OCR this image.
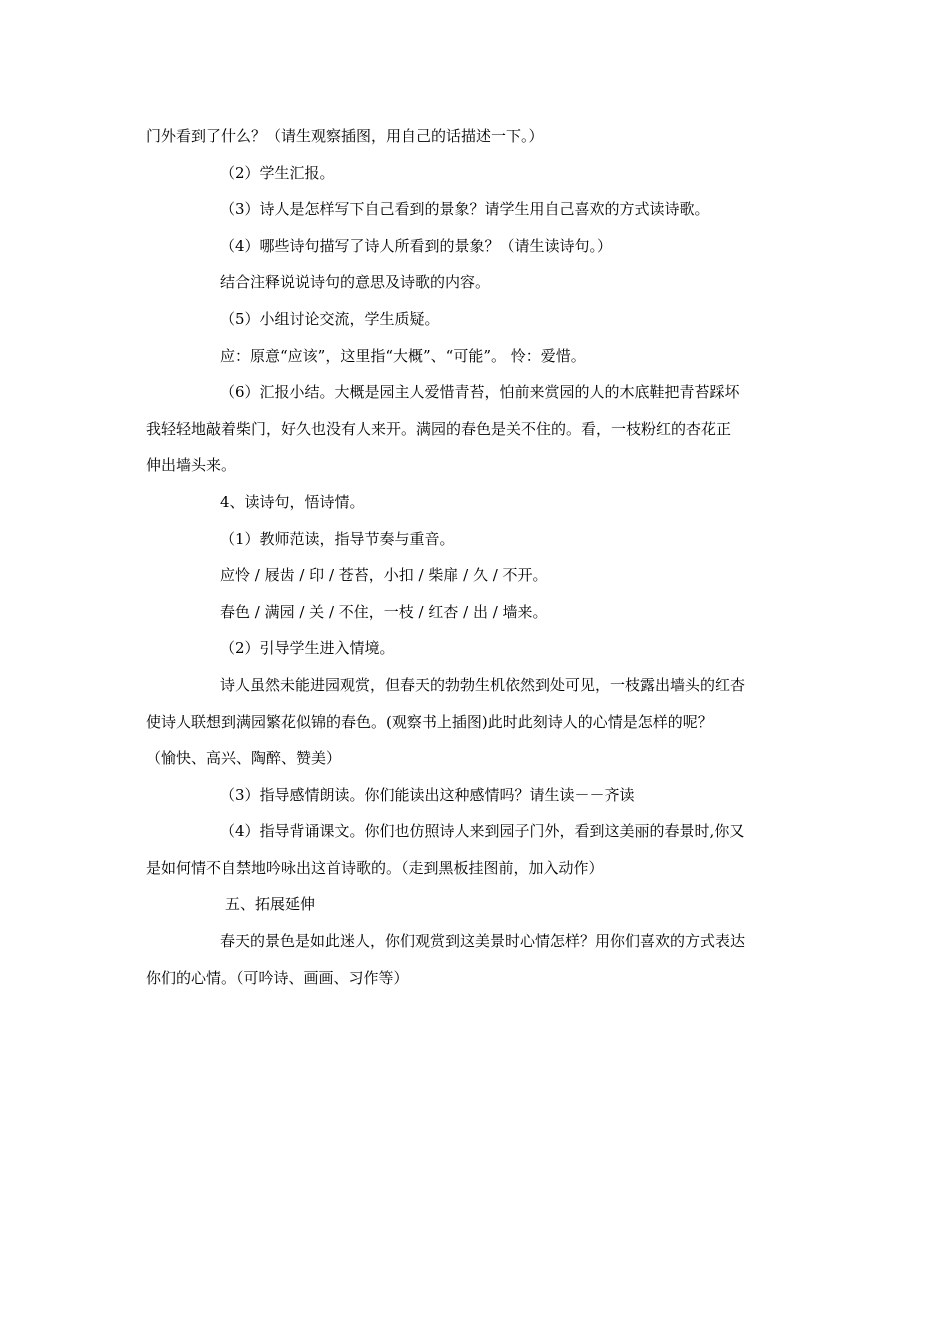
门外看到了什么？（请生观察插图，用自己的话描述一下。）
（2）学生汇报。
（3）诗人是怎样写下自己看到的景象？请学生用自己喜欢的方式读诗歌。
（4）哪些诗句描写了诗人所看到的景象？（请生读诗句。）
结合注释说说诗句的意思及诗歌的内容。
（5）小组讨论交流，学生质疑。
应：原意“应该”，这里指“大概”、“可能”。 怜：爱惜。
（6）汇报小结。大概是园主人爱惜青苔，怕前来赏园的人的木底鞋把青苔踩坏
我轻轻地敲着柴门，好久也没有人来开。满园的春色是关不住的。看，一枝粉红的杏花正
伸出墙头来。
4、读诗句，悟诗情。
（1）教师范读，指导节奏与重音。
应怜 / 屐齿 / 印 / 苍苔，小扣 / 柴扉 / 久 / 不开。
春色 / 满园 / 关 / 不住，一枝 / 红杏 / 出 / 墙来。
（2）引导学生进入情境。
诗人虽然未能进园观赏，但春天的勃勃生机依然到处可见，一枝露出墙头的红杏
使诗人联想到满园繁花似锦的春色。(观察书上插图)此时此刻诗人的心情是怎样的呢？
（愉快、高兴、陶醉、赞美）
（3）指导感情朗读。你们能读出这种感情吗？请生读－－齐读
（4）指导背诵课文。你们也仿照诗人来到园子门外，看到这美丽的春景时,你又
是如何情不自禁地吟咏出这首诗歌的。（走到黑板挂图前，加入动作）
五、拓展延伸
春天的景色是如此迷人，你们观赏到这美景时心情怎样？用你们喜欢的方式表达
你们的心情。（可吟诗、画画、习作等）
